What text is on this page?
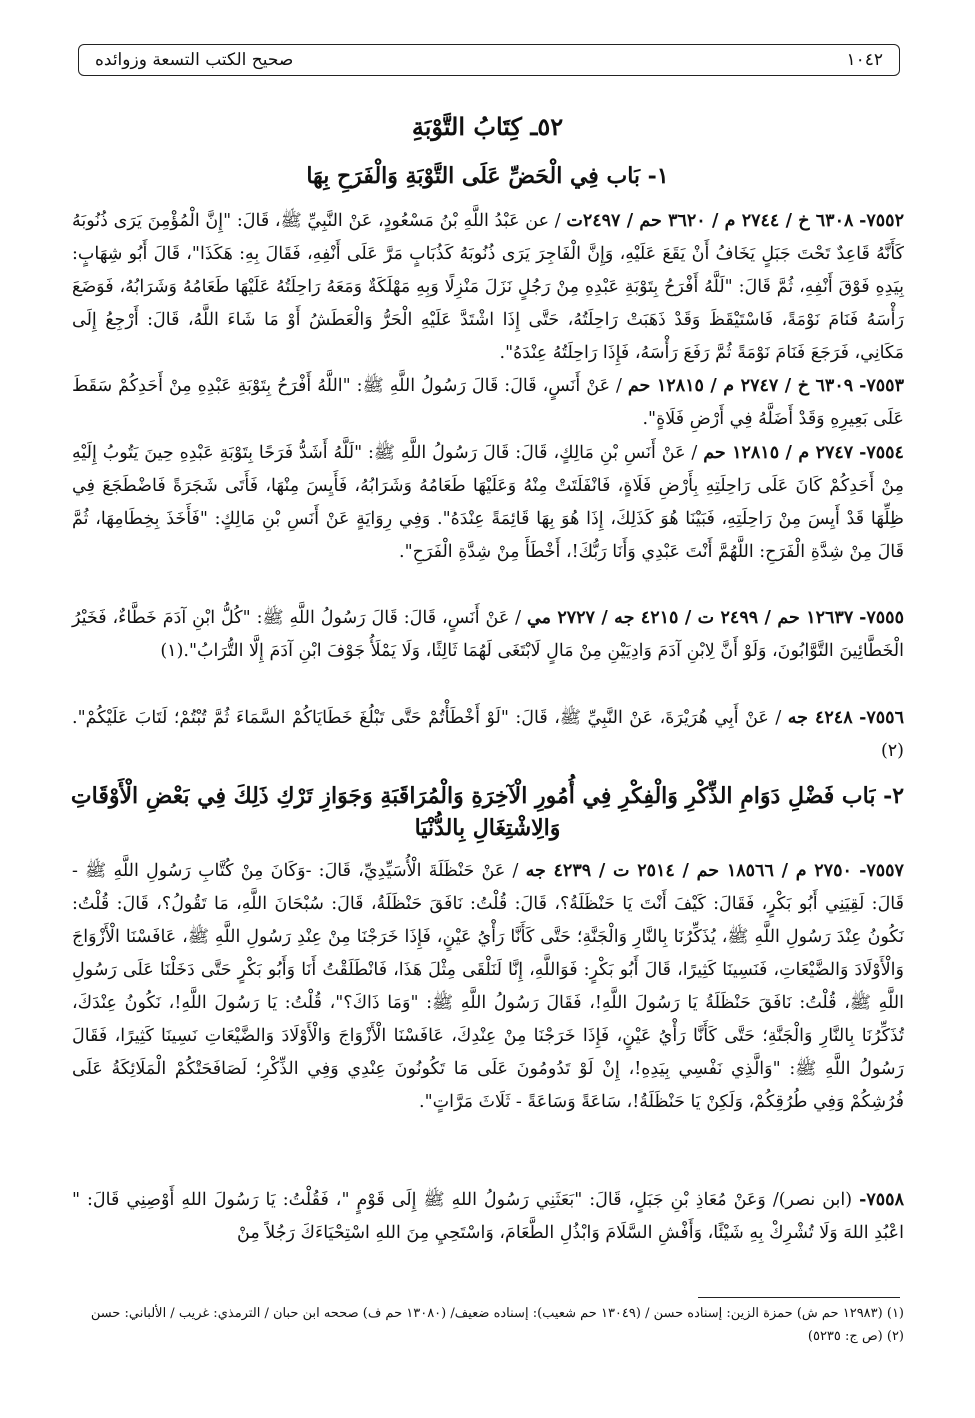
١٠٤٢
صحيح الكتب التسعة وزوائده
٥٢ـ كِتَابُ التَّوْبَةِ
١- بَاب فِي الْحَضِّ عَلَى التَّوْبَةِ وَالْفَرَحِ بِهَا
٧٥٥٢- ٦٣٠٨ خ / ٢٧٤٤ م / ٣٦٢٠ حم / ٢٤٩٧ت / عن عَبْدُ اللَّهِ بْنُ مَسْعُودٍ، عَنْ النَّبِيِّ ﷺ، قَالَ: "إِنَّ الْمُؤْمِنَ يَرَى ذُنُوبَهُ كَأَنَّهُ قَاعِدٌ تَحْتَ جَبَلٍ يَخَافُ أَنْ يَقَعَ عَلَيْهِ، وَإِنَّ الْفَاجِرَ يَرَى ذُنُوبَهُ كَذُبَابٍ مَرَّ عَلَى أَنْفِهِ، فَقَالَ بِهِ: هَكَذَا"، قَالَ أَبُو شِهَابٍ: بِيَدِهِ فَوْقَ أَنْفِهِ، ثُمَّ قَالَ: "لَلَّهُ أَفْرَحُ بِتَوْبَةِ عَبْدِهِ مِنْ رَجُلٍ نَزَلَ مَنْزِلًا وَبِهِ مَهْلَكَةٌ وَمَعَهُ رَاحِلَتُهُ عَلَيْهَا طَعَامُهُ وَشَرَابُهُ، فَوَضَعَ رَأْسَهُ فَنَامَ نَوْمَةً، فَاسْتَيْقَظَ وَقَدْ ذَهَبَتْ رَاحِلَتُهُ، حَتَّى إِذَا اشْتَدَّ عَلَيْهِ الْحَرُّ وَالْعَطَشُ أَوْ مَا شَاءَ اللَّهُ، قَالَ: أَرْجِعُ إِلَى مَكَانِي، فَرَجَعَ فَنَامَ نَوْمَةً ثُمَّ رَفَعَ رَأْسَهُ، فَإِذَا رَاحِلَتُهُ عِنْدَهُ".
٧٥٥٣- ٦٣٠٩ خ / ٢٧٤٧ م / ١٢٨١٥ حم / عَنْ أَنَسٍ، قَالَ: قَالَ رَسُولُ اللَّهِ ﷺ: "اللَّهُ أَفْرَحُ بِتَوْبَةِ عَبْدِهِ مِنْ أَحَدِكُمْ سَقَطَ عَلَى بَعِيرِهِ وَقَدْ أَضَلَّهُ فِي أَرْضِ فَلَاةٍ".
٧٥٥٤- ٢٧٤٧ م / ١٢٨١٥ حم / عَنْ أَنَسِ بْنِ مَالِكٍ، قَالَ: قَالَ رَسُولُ اللَّهِ ﷺ: "لَلَّهُ أَشَدُّ فَرَحًا بِتَوْبَةِ عَبْدِهِ حِينَ يَتُوبُ إِلَيْهِ مِنْ أَحَدِكُمْ كَانَ عَلَى رَاحِلَتِهِ بِأَرْضِ فَلَاةٍ، فَانْفَلَتَتْ مِنْهُ وَعَلَيْهَا طَعَامُهُ وَشَرَابُهُ، فَأَيِسَ مِنْهَا، فَأَتَى شَجَرَةً فَاضْطَجَعَ فِي ظِلِّهَا قَدْ أَيِسَ مِنْ رَاحِلَتِهِ، فَبَيْنَا هُوَ كَذَلِكَ، إِذَا هُوَ بِهَا قَائِمَةً عِنْدَهُ". وَفِي رِوَايَةٍ عَنْ أَنَسِ بْنِ مَالِكٍ: "فَأَخَذَ بِخِطَامِهَا، ثُمَّ قَالَ مِنْ شِدَّةِ الْفَرَحِ: اللَّهُمَّ أَنْتَ عَبْدِي وَأَنَا رَبُّكَ!، أَخْطَأَ مِنْ شِدَّةِ الْفَرَحِ".
٧٥٥٥- ١٢٦٣٧ حم / ٢٤٩٩ ت / ٤٢١٥ جه / ٢٧٢٧ مي / عَنْ أَنَسٍ، قَالَ: قَالَ رَسُولُ اللَّهِ ﷺ: "كُلُّ ابْنِ آدَمَ خَطَّاءٌ، فَخَيْرُ الْخَطَّائِينَ التَّوَّابُونَ، وَلَوْ أَنَّ لِابْنِ آدَمَ وَادِيَيْنِ مِنْ مَالٍ لَابْتَغَى لَهُمَا ثَالِثًا، وَلَا يَمْلَأُ جَوْفَ ابْنِ آدَمَ إِلَّا التُّرَابُ".(١)
٧٥٥٦- ٤٢٤٨ جه / عَنْ أَبِي هُرَيْرَةَ، عَنْ النَّبِيِّ ﷺ، قَالَ: "لَوْ أَخْطَأْتُمْ حَتَّى تَبْلُغَ خَطَايَاكُمْ السَّمَاءَ ثُمَّ تُبْتُمْ؛ لَتَابَ عَلَيْكُمْ".(٢)
٢- بَاب فَضْلِ دَوَامِ الذِّكْرِ وَالْفِكْرِ فِي أُمُورِ الْآخِرَةِ وَالْمُرَاقَبَةِ وَجَوَازِ تَرْكِ ذَلِكَ فِي بَعْضِ الْأَوْقَاتِ وَالِاشْتِغَالِ بِالدُّنْيَا
٧٥٥٧- ٢٧٥٠ م / ١٨٥٦٦ حم / ٢٥١٤ ت / ٤٢٣٩ جه / عَنْ حَنْظَلَةَ الْأُسَيِّدِيِّ، قَالَ: -وَكَانَ مِنْ كُتَّابِ رَسُولِ اللَّهِ ﷺ - قَالَ: لَقِيَنِي أَبُو بَكْرٍ، فَقَالَ: كَيْفَ أَنْتَ يَا حَنْظَلَةُ؟، قَالَ: قُلْتُ: نَافَقَ حَنْظَلَةُ، قَالَ: سُبْحَانَ اللَّهِ، مَا تَقُولُ؟، قَالَ: قُلْتُ: نَكُونُ عِنْدَ رَسُولِ اللَّهِ ﷺ، يُذَكِّرُنَا بِالنَّارِ وَالْجَنَّةِ؛ حَتَّى كَأَنَّا رَأْيُ عَيْنٍ، فَإِذَا خَرَجْنَا مِنْ عِنْدِ رَسُولِ اللَّهِ ﷺ، عَافَسْنَا الْأَزْوَاجَ وَالْأَوْلَادَ وَالضَّيْعَاتِ، فَنَسِينَا كَثِيرًا، قَالَ أَبُو بَكْرٍ: فَوَاللَّهِ، إِنَّا لَنَلْقَى مِثْلَ هَذَا، فَانْطَلَقْتُ أَنَا وَأَبُو بَكْرٍ حَتَّى دَخَلْنَا عَلَى رَسُولِ اللَّهِ ﷺ، قُلْتُ: نَافَقَ حَنْظَلَةُ يَا رَسُولَ اللَّهِ!، فَقَالَ رَسُولُ اللَّهِ ﷺ: "وَمَا ذَاكَ؟"، قُلْتُ: يَا رَسُولَ اللَّهِ!، نَكُونُ عِنْدَكَ، تُذَكِّرُنَا بِالنَّارِ وَالْجَنَّةِ؛ حَتَّى كَأَنَّا رَأْيُ عَيْنٍ، فَإِذَا خَرَجْنَا مِنْ عِنْدِكَ، عَافَسْنَا الْأَزْوَاجَ وَالْأَوْلَادَ وَالضَّيْعَاتِ نَسِينَا كَثِيرًا، فَقَالَ رَسُولُ اللَّهِ ﷺ: "وَالَّذِي نَفْسِي بِيَدِهِ!، إِنْ لَوْ تَدُومُونَ عَلَى مَا تَكُونُونَ عِنْدِي وَفِي الذِّكْرِ؛ لَصَافَحَتْكُمْ الْمَلَائِكَةُ عَلَى فُرُشِكُمْ وَفِي طُرُقِكُمْ، وَلَكِنْ يَا حَنْظَلَةُ!، سَاعَةً وَسَاعَةً - ثَلَاثَ مَرَّاتٍ".
٧٥٥٨- (ابن نصر)/ وَعَنْ مُعَاذِ بْنِ جَبَلٍ، قَالَ: "بَعَثَنِي رَسُولُ اللهِ ﷺ إِلَى قَوْمٍ "، فَقُلْتُ: يَا رَسُولَ اللهِ أَوْصِنِي قَالَ: " اعْبُدِ اللهَ وَلَا تُشْرِكْ بِهِ شَيْئًا، وَأَفْشِ السَّلَامَ وَابْذُلِ الطَّعَامَ، وَاسْتَحِيِ مِنَ اللهِ اسْتِحْيَاءَكَ رَجُلاً مِنْ
(١) (١٢٩٨٣ حم ش) حمزة الزين: إسناده حسن / (١٣٠٤٩ حم شعيب): إسناده ضعيف/ (١٣٠٨٠ حم ف) صححه ابن حبان / الترمذي: غريب / الألباني: حسن
(٢) (ص ج: ٥٢٣٥)
